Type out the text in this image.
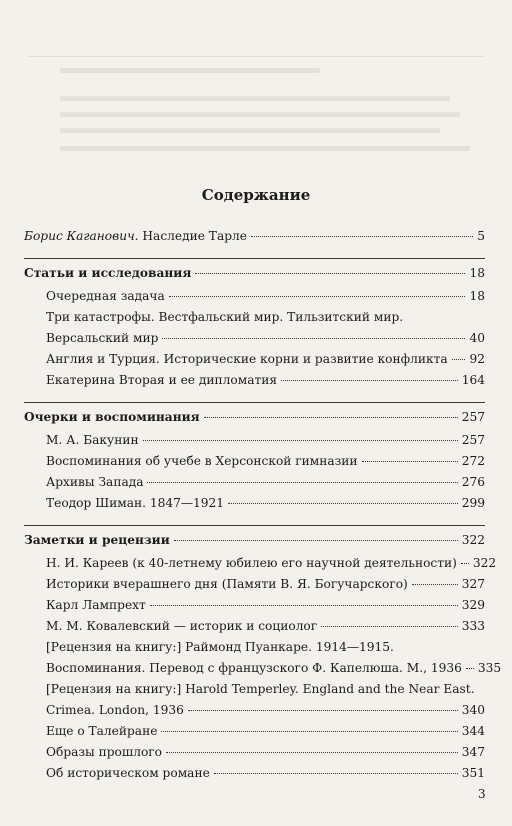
Содержание
Борис Каганович. Наследие Тарле	5
Статьи и исследования	18
Очередная задача	18
Три катастрофы. Вестфальский мир. Тильзитский мир.
Версальский мир	40
Англия и Турция. Исторические корни и развитие конфликта 92
Екатерина Вторая и ее дипломатия	164
Очерки и воспоминания	257
М. А. Бакунин	257
Воспоминания об учебе в Херсонской гимназии	272
Архивы Запада	276
Теодор Шиман. 1847—1921	299
Заметки и рецензии	322
Н. И. Кареев (к 40-летнему юбилею его научной деятельности) 322
Историки вчерашнего дня (Памяти В. Я. Богучарского)	327
Карл Лампрехт	329
М. М. Ковалевский — историк и социолог	333
[Рецензия на книгу:] Раймонд Пуанкаре. 1914—1915.
Воспоминания. Перевод с французского Ф. Капелюша. М., 1936 335
[Рецензия на книгу:] Harold Temperley. England and the Near East.
Crimea. London, 1936	340
Еще о Талейране	344
Образы прошлого	347
Об историческом романе	351
3
